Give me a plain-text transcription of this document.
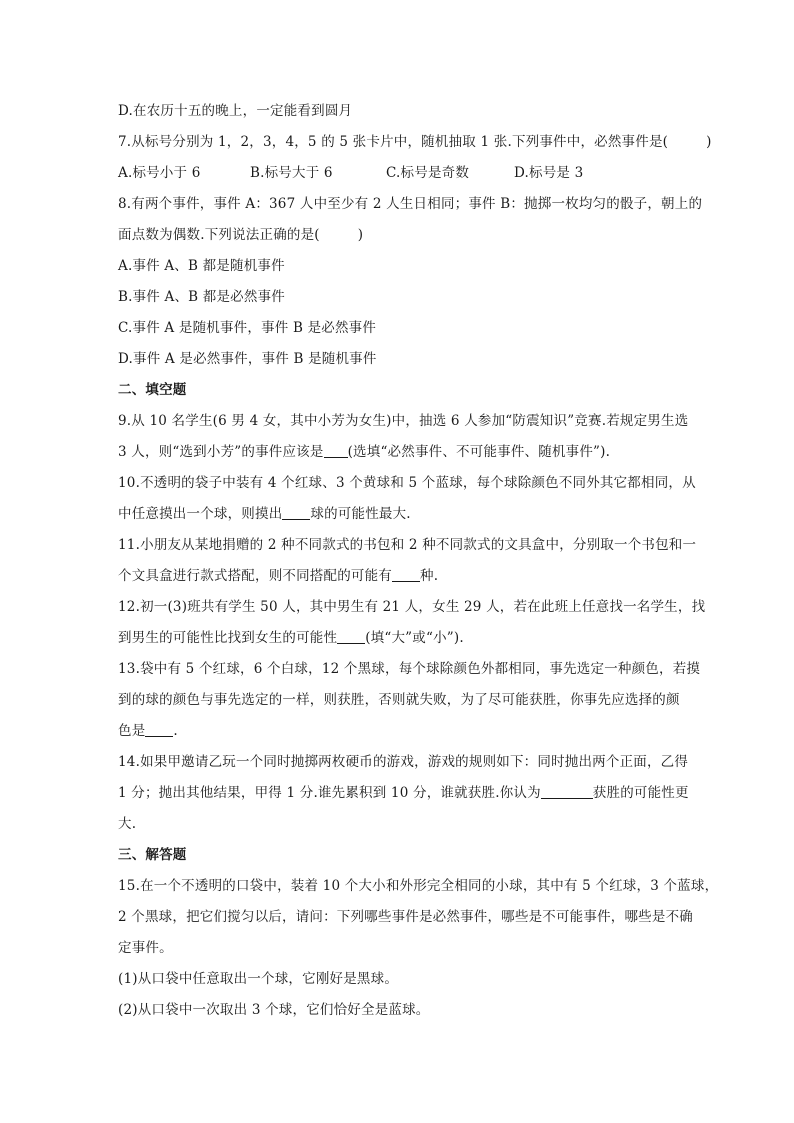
D.在农历十五的晚上，一定能看到圆月
7.从标号分别为 1，2，3，4，5 的 5 张卡片中，随机抽取 1 张.下列事件中，必然事件是(	)
A.标号小于 6	B.标号大于 6	C.标号是奇数	D.标号是 3
8.有两个事件，事件 A：367 人中至少有 2 人生日相同；事件 B：抛掷一枚均匀的骰子，朝上的
面点数为偶数.下列说法正确的是(	)
A.事件 A、B 都是随机事件
B.事件 A、B 都是必然事件
C.事件 A 是随机事件，事件 B 是必然事件
D.事件 A 是必然事件，事件 B 是随机事件
二、填空题
9.从 10 名学生(6 男 4 女，其中小芳为女生)中，抽选 6 人参加“防震知识”竞赛.若规定男生选
3 人，则“选到小芳”的事件应该是 (选填“必然事件、不可能事件、随机事件”).
10.不透明的袋子中装有 4 个红球、3 个黄球和 5 个蓝球，每个球除颜色不同外其它都相同，从
中任意摸出一个球，则摸出 球的可能性最大.
11.小朋友从某地捐赠的 2 种不同款式的书包和 2 种不同款式的文具盒中，分别取一个书包和一
个文具盒进行款式搭配，则不同搭配的可能有 种.
12.初一(3)班共有学生 50 人，其中男生有 21 人，女生 29 人，若在此班上任意找一名学生，找
到男生的可能性比找到女生的可能性 (填“大”或“小”).
13.袋中有 5 个红球，6 个白球，12 个黑球，每个球除颜色外都相同，事先选定一种颜色，若摸
到的球的颜色与事先选定的一样，则获胜，否则就失败，为了尽可能获胜，你事先应选择的颜
色是 .
14.如果甲邀请乙玩一个同时抛掷两枚硬币的游戏，游戏的规则如下：同时抛出两个正面，乙得
1 分；抛出其他结果，甲得 1 分.谁先累积到 10 分，谁就获胜.你认为	获胜的可能性更
大.
三、解答题
15.在一个不透明的口袋中，装着 10 个大小和外形完全相同的小球，其中有 5 个红球，3 个蓝球，
2 个黑球，把它们搅匀以后，请问：下列哪些事件是必然事件，哪些是不可能事件，哪些是不确
定事件。
(1)从口袋中任意取出一个球，它刚好是黑球。
(2)从口袋中一次取出 3 个球，它们恰好全是蓝球。
